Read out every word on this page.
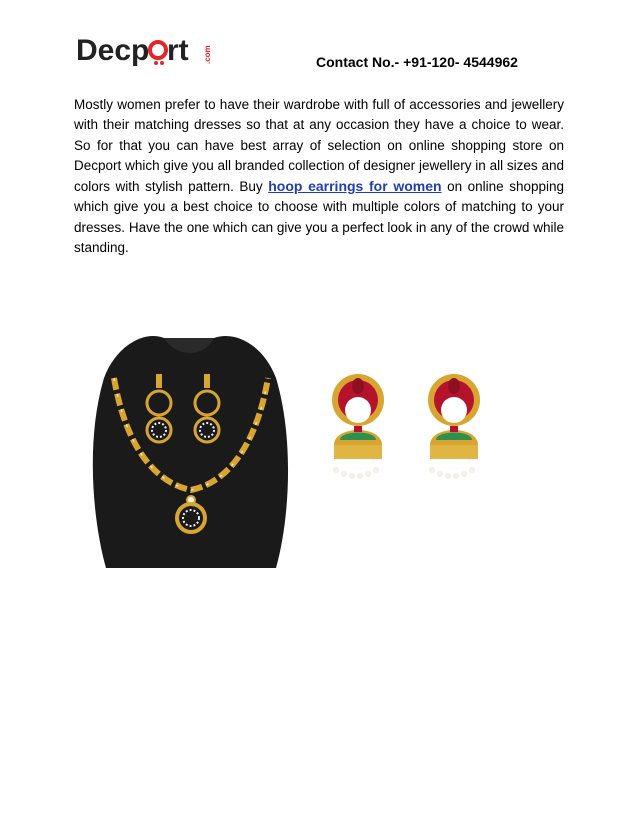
Decp rt .com	Contact No.- +91-120- 4544962
Mostly women prefer to have their wardrobe with full of accessories and jewellery with their matching dresses so that at any occasion they have a choice to wear. So for that you can have best array of selection on online shopping store on Decport which give you all branded collection of designer jewellery in all sizes and colors with stylish pattern. Buy hoop earrings for women on online shopping which give you a best choice to choose with multiple colors of matching to your dresses. Have the one which can give you a perfect look in any of the crowd while standing.
